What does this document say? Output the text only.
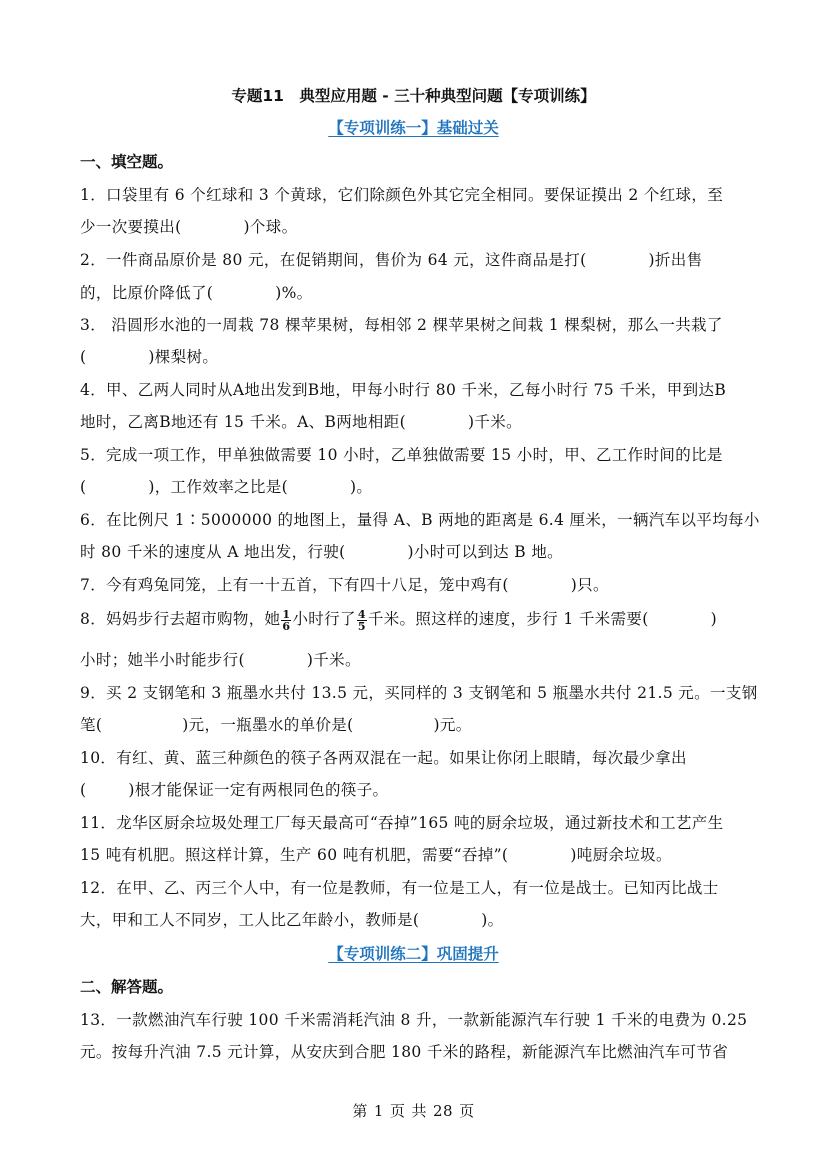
专题11　典型应用题 - 三十种典型问题【专项训练】
【专项训练一】基础过关
一、填空题。
1．口袋里有 6 个红球和 3 个黄球，它们除颜色外其它完全相同。要保证摸出 2 个红球，至
少一次要摸出(	)个球。
2．一件商品原价是 80 元，在促销期间，售价为 64 元，这件商品是打(	)折出售
的，比原价降低了(	)%。
3． 沿圆形水池的一周栽 78 棵苹果树，每相邻 2 棵苹果树之间栽 1 棵梨树，那么一共栽了
(	)棵梨树。
4．甲、乙两人同时从A地出发到B地，甲每小时行 80 千米，乙每小时行 75 千米，甲到达B
地时，乙离B地还有 15 千米。A、B两地相距(	)千米。
5．完成一项工作，甲单独做需要 10 小时，乙单独做需要 15 小时，甲、乙工作时间的比是
(	)，工作效率之比是(	)。
6．在比例尺 1∶5000000 的地图上，量得 A、B 两地的距离是 6.4 厘米，一辆汽车以平均每小
时 80 千米的速度从 A 地出发，行驶(	)小时可以到达 B 地。
7．今有鸡兔同笼，上有一十五首，下有四十八足，笼中鸡有(	)只。
8．妈妈步行去超市购物，她 $\frac{1}{6}$ 小时行了 $\frac{4}{5}$ 千米。照这样的速度，步行 1 千米需要(	)
小时；她半小时能步行(	)千米。
9．买 2 支钢笔和 3 瓶墨水共付 13.5 元，买同样的 3 支钢笔和 5 瓶墨水共付 21.5 元。一支钢
笔(	)元，一瓶墨水的单价是(	)元。
10．有红、黄、蓝三种颜色的筷子各两双混在一起。如果让你闭上眼睛，每次最少拿出
(	)根才能保证一定有两根同色的筷子。
11．龙华区厨余垃圾处理工厂每天最高可“吞掉”165 吨的厨余垃圾，通过新技术和工艺产生
15 吨有机肥。照这样计算，生产 60 吨有机肥，需要“吞掉”(	)吨厨余垃圾。
12．在甲、乙、丙三个人中，有一位是教师，有一位是工人，有一位是战士。已知丙比战士
大，甲和工人不同岁，工人比乙年龄小，教师是(	)。
【专项训练二】巩固提升
二、解答题。
13．一款燃油汽车行驶 100 千米需消耗汽油 8 升，一款新能源汽车行驶 1 千米的电费为 0.25
元。按每升汽油 7.5 元计算，从安庆到合肥 180 千米的路程，新能源汽车比燃油汽车可节省
第 1 页 共 28 页
